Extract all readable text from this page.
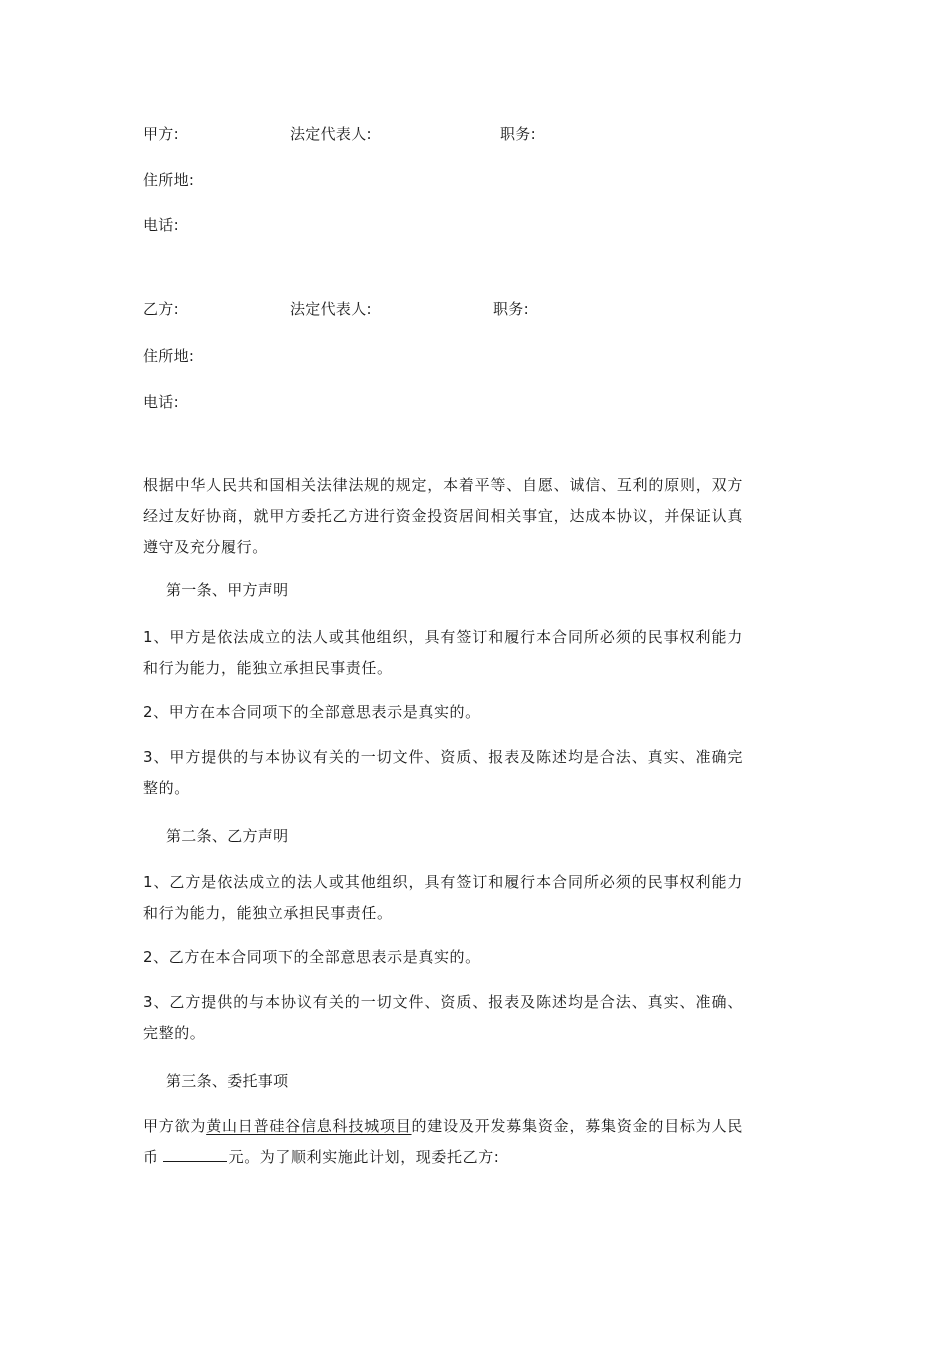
甲方:	法定代表人:	职务:
住所地:
电话:
乙方:	法定代表人:	职务:
住所地:
电话:
根据中华人民共和国相关法律法规的规定，本着平等、自愿、诚信、互利的原则，双方经过友好协商，就甲方委托乙方进行资金投资居间相关事宜，达成本协议，并保证认真遵守及充分履行。
第一条、甲方声明
1、甲方是依法成立的法人或其他组织，具有签订和履行本合同所必须的民事权利能力和行为能力，能独立承担民事责任。
2、甲方在本合同项下的全部意思表示是真实的。
3、甲方提供的与本协议有关的一切文件、资质、报表及陈述均是合法、真实、准确完整的。
第二条、乙方声明
1、乙方是依法成立的法人或其他组织，具有签订和履行本合同所必须的民事权利能力和行为能力，能独立承担民事责任。
2、乙方在本合同项下的全部意思表示是真实的。
3、乙方提供的与本协议有关的一切文件、资质、报表及陈述均是合法、真实、准确、完整的。
第三条、委托事项
甲方欲为黄山日普硅谷信息科技城项目的建设及开发募集资金，募集资金的目标为人民币	元。为了顺利实施此计划，现委托乙方:
